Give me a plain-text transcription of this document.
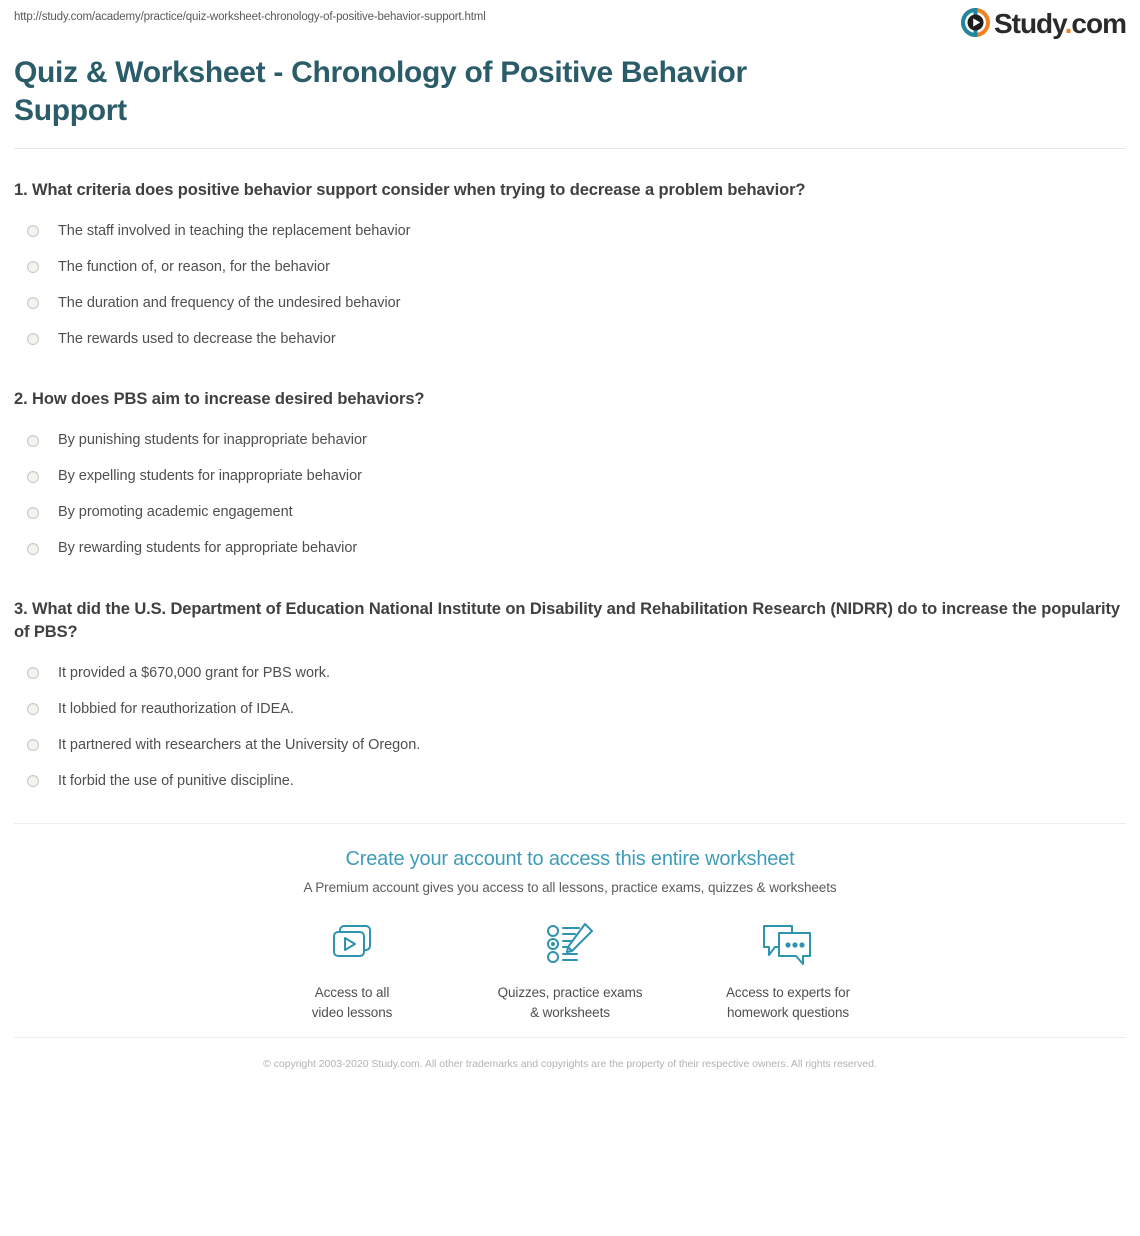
http://study.com/academy/practice/quiz-worksheet-chronology-of-positive-behavior-support.html	Study.com
Quiz & Worksheet - Chronology of Positive Behavior Support
1. What criteria does positive behavior support consider when trying to decrease a problem behavior?
The staff involved in teaching the replacement behavior
The function of, or reason, for the behavior
The duration and frequency of the undesired behavior
The rewards used to decrease the behavior
2. How does PBS aim to increase desired behaviors?
By punishing students for inappropriate behavior
By expelling students for inappropriate behavior
By promoting academic engagement
By rewarding students for appropriate behavior
3. What did the U.S. Department of Education National Institute on Disability and Rehabilitation Research (NIDRR) do to increase the popularity of PBS?
It provided a $670,000 grant for PBS work.
It lobbied for reauthorization of IDEA.
It partnered with researchers at the University of Oregon.
It forbid the use of punitive discipline.
Create your account to access this entire worksheet
A Premium account gives you access to all lessons, practice exams, quizzes & worksheets
Access to all
video lessons
Quizzes, practice exams
& worksheets
Access to experts for
homework questions
© copyright 2003-2020 Study.com. All other trademarks and copyrights are the property of their respective owners. All rights reserved.
